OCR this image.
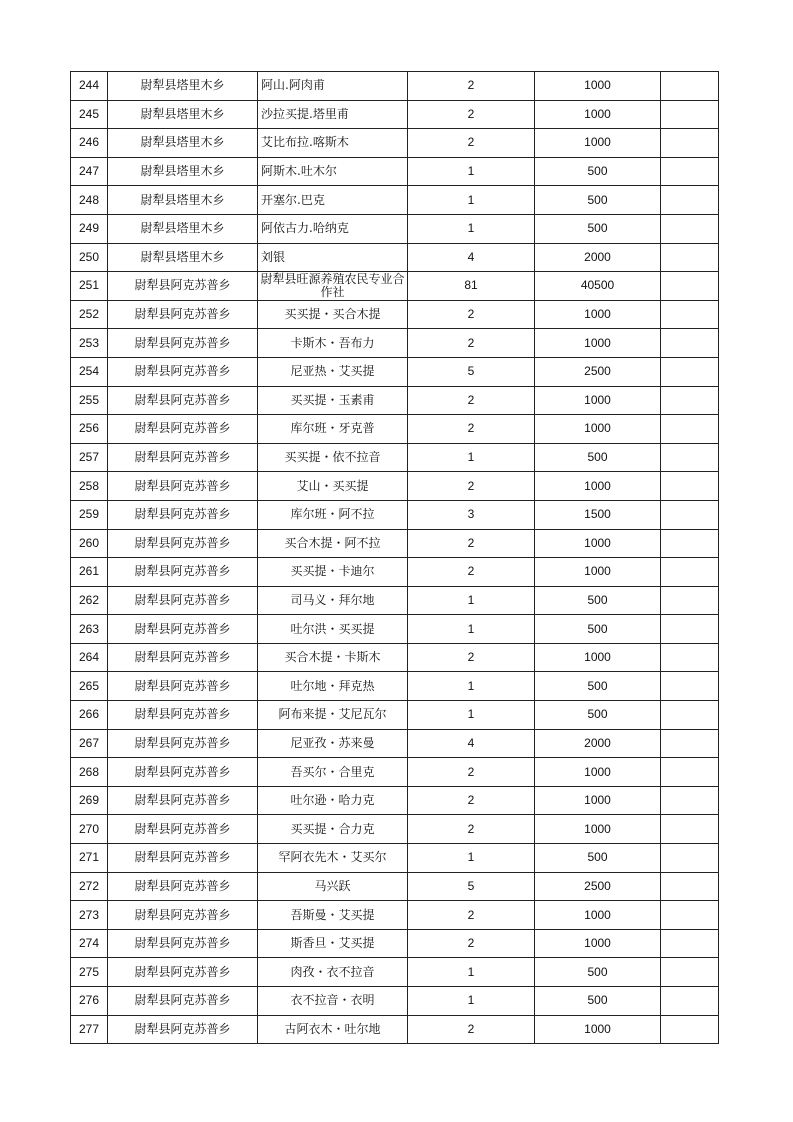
244	尉犁县塔里木乡	阿山.阿肉甫	2	1000	
245	尉犁县塔里木乡	沙拉买提.塔里甫	2	1000	
246	尉犁县塔里木乡	艾比布拉.喀斯木	2	1000	
247	尉犁县塔里木乡	阿斯木.吐木尔	1	500	
248	尉犁县塔里木乡	开塞尔.巴克	1	500	
249	尉犁县塔里木乡	阿依古力.哈纳克	1	500	
250	尉犁县塔里木乡	刘银	4	2000	
251	尉犁县阿克苏普乡	尉犁县旺源养殖农民专业合作社	81	40500	
252	尉犁县阿克苏普乡	买买提・买合木提	2	1000	
253	尉犁县阿克苏普乡	卡斯木・吾布力	2	1000	
254	尉犁县阿克苏普乡	尼亚热・艾买提	5	2500	
255	尉犁县阿克苏普乡	买买提・玉素甫	2	1000	
256	尉犁县阿克苏普乡	库尔班・牙克普	2	1000	
257	尉犁县阿克苏普乡	买买提・依不拉音	1	500	
258	尉犁县阿克苏普乡	艾山・买买提	2	1000	
259	尉犁县阿克苏普乡	库尔班・阿不拉	3	1500	
260	尉犁县阿克苏普乡	买合木提・阿不拉	2	1000	
261	尉犁县阿克苏普乡	买买提・卡迪尔	2	1000	
262	尉犁县阿克苏普乡	司马义・拜尔地	1	500	
263	尉犁县阿克苏普乡	吐尔洪・买买提	1	500	
264	尉犁县阿克苏普乡	买合木提・卡斯木	2	1000	
265	尉犁县阿克苏普乡	吐尔地・拜克热	1	500	
266	尉犁县阿克苏普乡	阿布来提・艾尼瓦尔	1	500	
267	尉犁县阿克苏普乡	尼亚孜・苏来曼	4	2000	
268	尉犁县阿克苏普乡	吾买尔・合里克	2	1000	
269	尉犁县阿克苏普乡	吐尔逊・哈力克	2	1000	
270	尉犁县阿克苏普乡	买买提・合力克	2	1000	
271	尉犁县阿克苏普乡	罕阿衣先木・艾买尔	1	500	
272	尉犁县阿克苏普乡	马兴跃	5	2500	
273	尉犁县阿克苏普乡	吾斯曼・艾买提	2	1000	
274	尉犁县阿克苏普乡	斯香旦・艾买提	2	1000	
275	尉犁县阿克苏普乡	肉孜・衣不拉音	1	500	
276	尉犁县阿克苏普乡	衣不拉音・衣明	1	500	
277	尉犁县阿克苏普乡	古阿衣木・吐尔地	2	1000	
